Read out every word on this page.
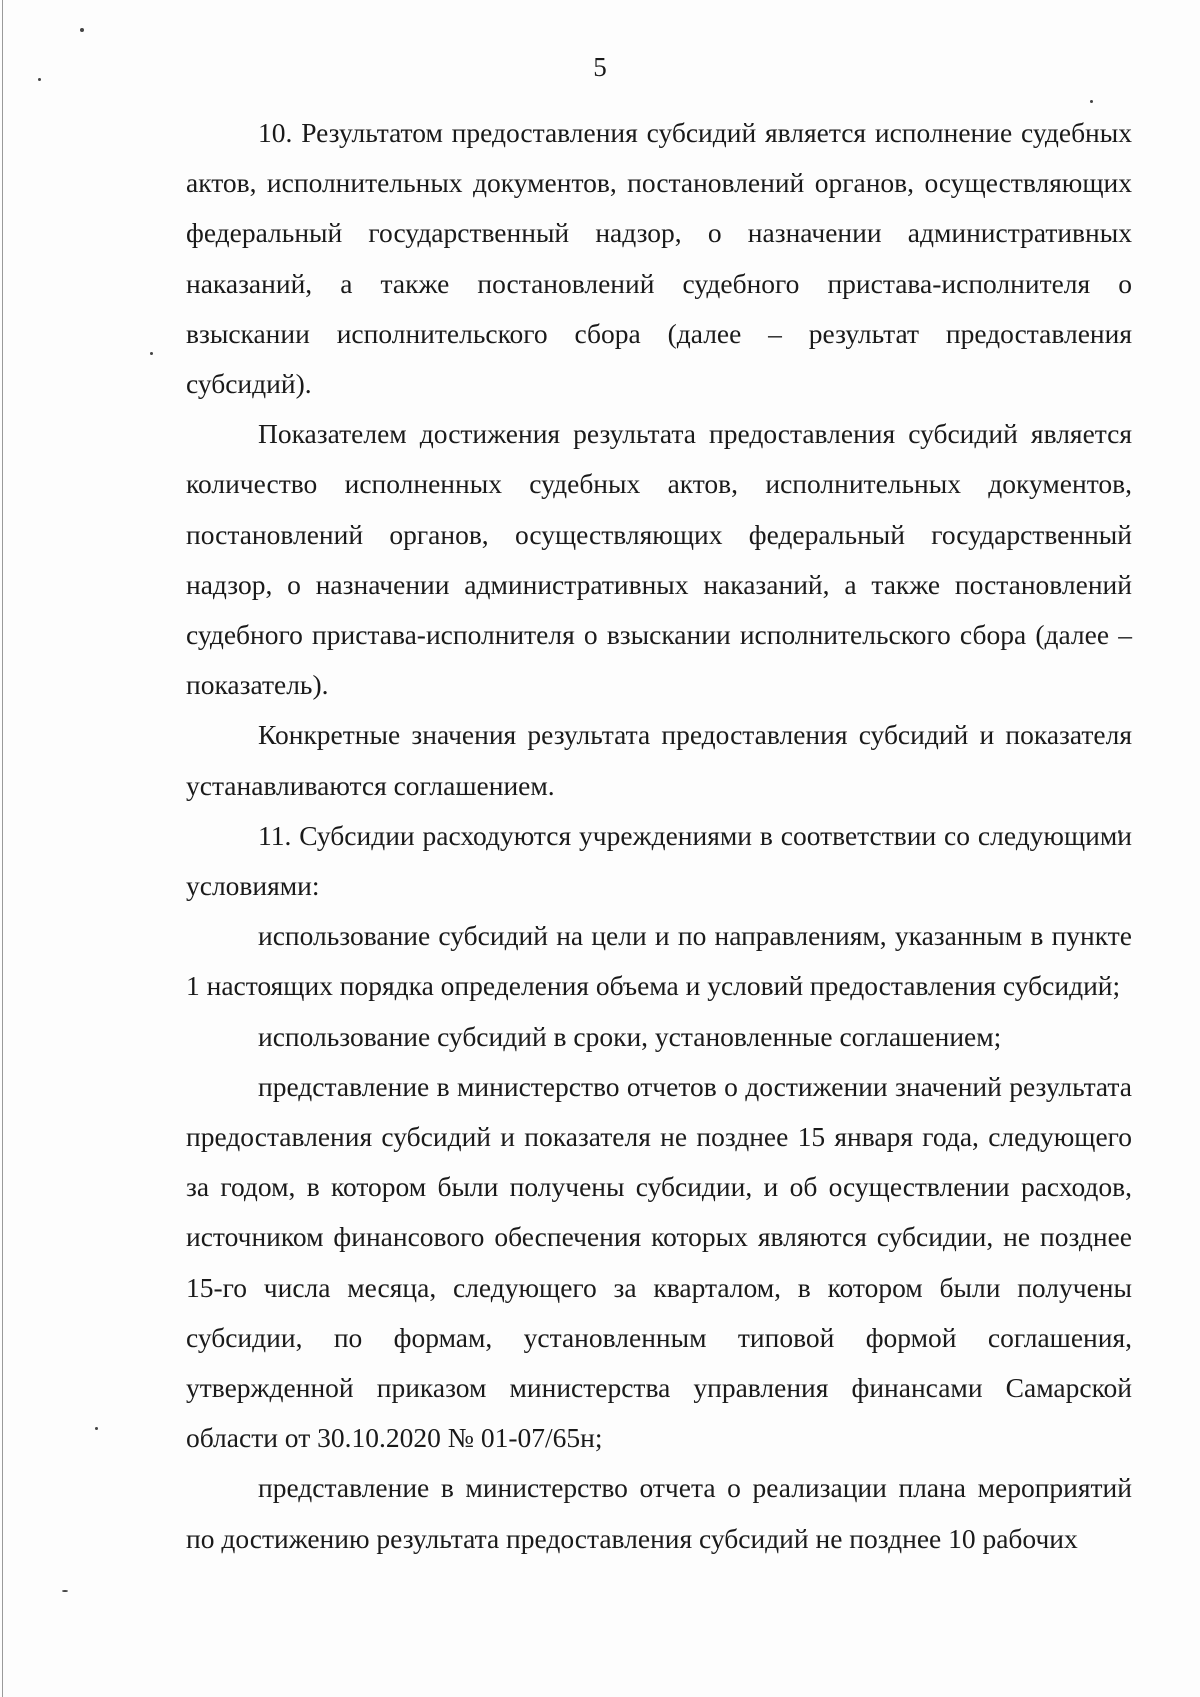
5

10. Результатом предоставления субсидий является исполнение судебных актов, исполнительных документов, постановлений органов, осуществляющих федеральный государственный надзор, о назначении административных наказаний, а также постановлений судебного пристава-исполнителя о взыскании исполнительского сбора (далее – результат предоставления субсидий).

Показателем достижения результата предоставления субсидий является количество исполненных судебных актов, исполнительных документов, постановлений органов, осуществляющих федеральный государственный надзор, о назначении административных наказаний, а также постановлений судебного пристава-исполнителя о взыскании исполнительского сбора (далее – показатель).

Конкретные значения результата предоставления субсидий и показателя устанавливаются соглашением.

11. Субсидии расходуются учреждениями в соответствии со следующими условиями:

использование субсидий на цели и по направлениям, указанным в пункте 1 настоящих порядка определения объема и условий предоставления субсидий;

использование субсидий в сроки, установленные соглашением;

представление в министерство отчетов о достижении значений результата предоставления субсидий и показателя не позднее 15 января года, следующего за годом, в котором были получены субсидии, и об осуществлении расходов, источником финансового обеспечения которых являются субсидии, не позднее 15-го числа месяца, следующего за кварталом, в котором были получены субсидии, по формам, установленным типовой формой соглашения, утвержденной приказом министерства управления финансами Самарской области от 30.10.2020 № 01-07/65н;

представление в министерство отчета о реализации плана мероприятий по достижению результата предоставления субсидий не позднее 10 рабочих
